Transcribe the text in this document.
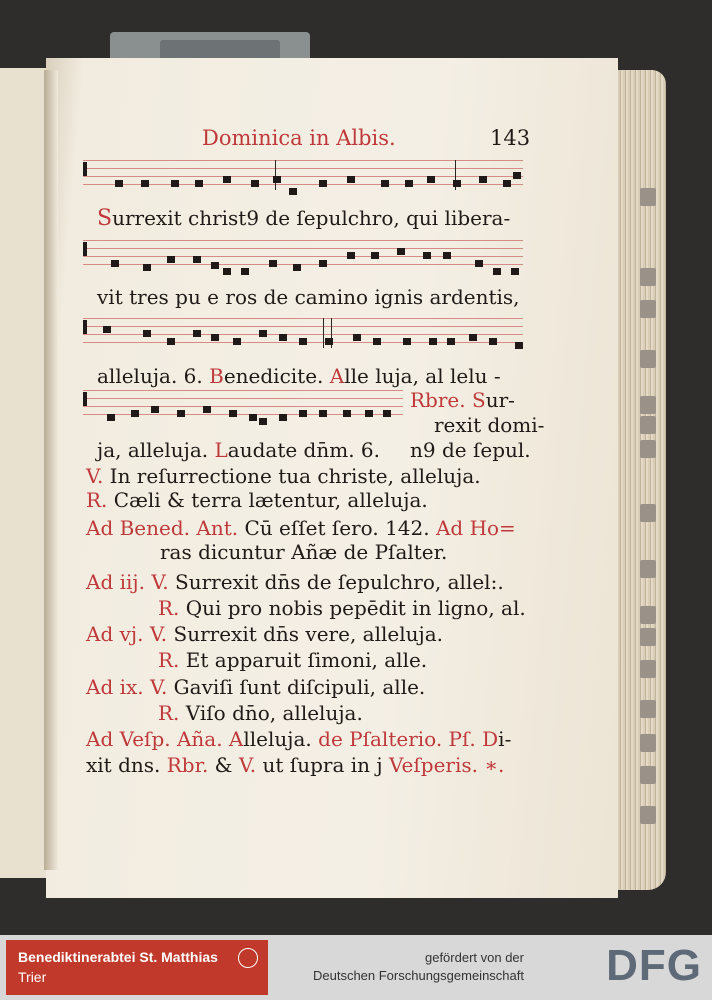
Dominica in Albis.	143
Surrexit christ9 de ſepulchro, qui libera-
vit tres pu e ros de camino ignis ardentis,
alleluja. 6. Benedicite. Alle luja, al lelu -
Rbre. Sur-
rexit domi-
n9 de ſepul.
ja, alleluja. Laudate dn̄m. 6.
V. In reſurrectione tua christe, alleluja.
R. Cæli & terra lætentur, alleluja.
Ad Bened. Ant. Cū eſſet ſero. 142. Ad Ho=
ras dicuntur Añæ de Pſalter.
Ad iij. V. Surrexit dn̄s de ſepulchro, allel:.
R. Qui pro nobis pepēdit in ligno, al.
Ad vj. V. Surrexit dn̄s vere, alleluja.
R. Et apparuit ſimoni, alle.
Ad ix. V. Gaviſi ſunt diſcipuli, alle.
R. Viſo dn̄o, alleluja.
Ad Veſp. Aña. Alleluja. de Pſalterio. Pſ. Di-
xit dns. Rbr. & V. ut ſupra in j Veſperis. ∗.
Benediktinerabtei St. Matthias
Trier
gefördert von der
Deutschen Forschungsgemeinschaft DFG
